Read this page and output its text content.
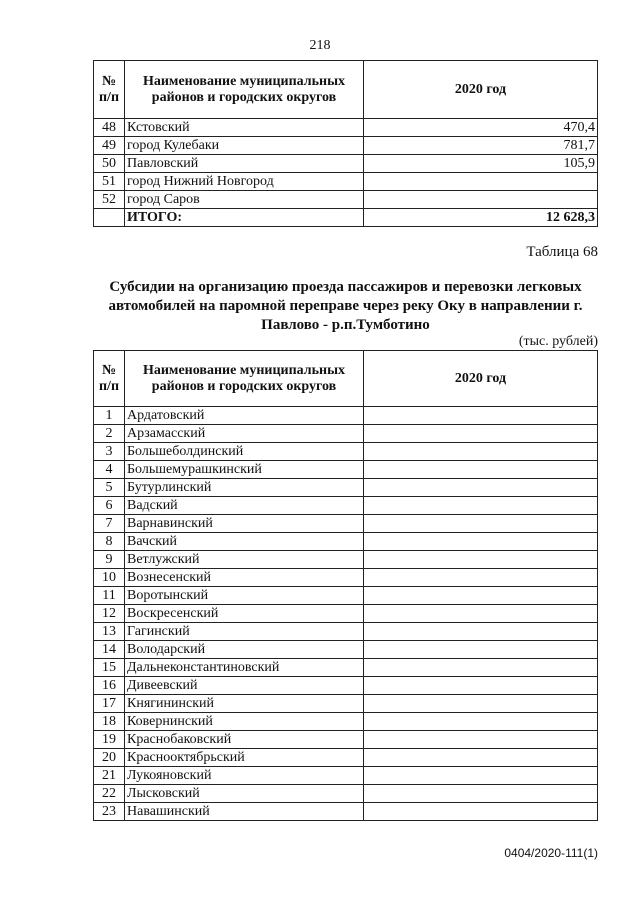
218
№ п/п	Наименование муниципальных районов и городских округов	2020 год
48	Кстовский	470,4
49	город Кулебаки	781,7
50	Павловский	105,9
51	город Нижний Новгород	
52	город Саров	
	ИТОГО:	12 628,3
Таблица 68
Субсидии на организацию проезда пассажиров и перевозки легковых автомобилей на паромной переправе через реку Оку в направлении г. Павлово - р.п.Тумботино
(тыс. рублей)
№ п/п	Наименование муниципальных районов и городских округов	2020 год
1	Ардатовский	
2	Арзамасский	
3	Большеболдинский	
4	Большемурашкинский	
5	Бутурлинский	
6	Вадский	
7	Варнавинский	
8	Вачский	
9	Ветлужский	
10	Вознесенский	
11	Воротынский	
12	Воскресенский	
13	Гагинский	
14	Володарский	
15	Дальнеконстантиновский	
16	Дивеевский	
17	Княгининский	
18	Ковернинский	
19	Краснобаковский	
20	Краснооктябрьский	
21	Лукояновский	
22	Лысковский	
23	Навашинский	
0404/2020-111(1)
